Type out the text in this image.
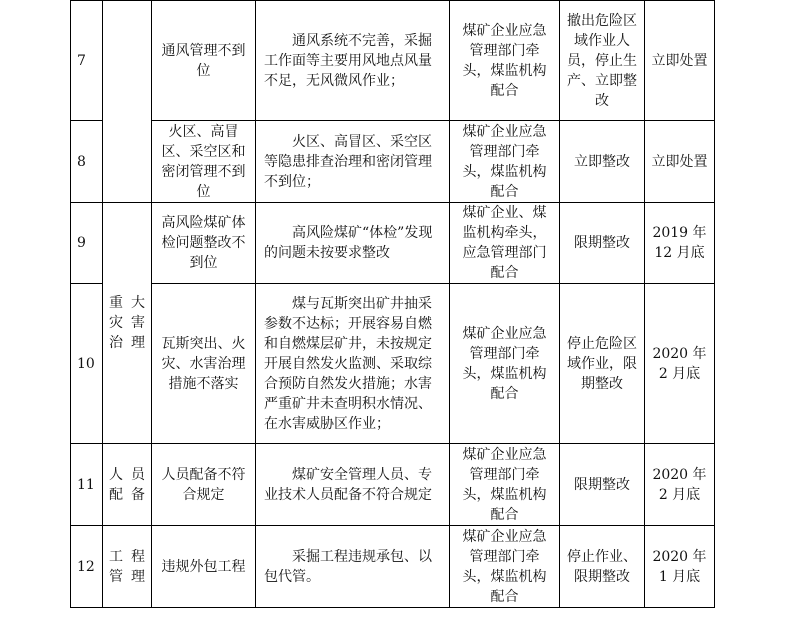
7		通风管理不到位	通风系统不完善，采掘工作面等主要用风地点风量不足，无风微风作业；	煤矿企业应急管理部门牵头，煤监机构配合	撤出危险区域作业人员，停止生产、立即整改	立即处置
8		火区、高冒区、采空区和密闭管理不到位	火区、高冒区、采空区等隐患排查治理和密闭管理不到位；	煤矿企业应急管理部门牵头，煤监机构配合	立即整改	立即处置
9	重大灾害治理	高风险煤矿体检问题整改不到位	高风险煤矿“体检”发现的问题未按要求整改	煤矿企业、煤监机构牵头，应急管理部门配合	限期整改	2019 年12 月底
10		瓦斯突出、火灾、水害治理措施不落实	煤与瓦斯突出矿井抽采参数不达标；开展容易自燃和自燃煤层矿井，未按规定开展自然发火监测、采取综合预防自然发火措施；水害严重矿井未查明积水情况、在水害威胁区作业；	煤矿企业应急管理部门牵头，煤监机构配合	停止危险区域作业，限期整改	2020 年2 月底
11	人员配备	人员配备不符合规定	煤矿安全管理人员、专业技术人员配备不符合规定	煤矿企业应急管理部门牵头，煤监机构配合	限期整改	2020 年2 月底
12	工程管理	违规外包工程	采掘工程违规承包、以包代管。	煤矿企业应急管理部门牵头，煤监机构配合	停止作业、限期整改	2020 年1 月底
